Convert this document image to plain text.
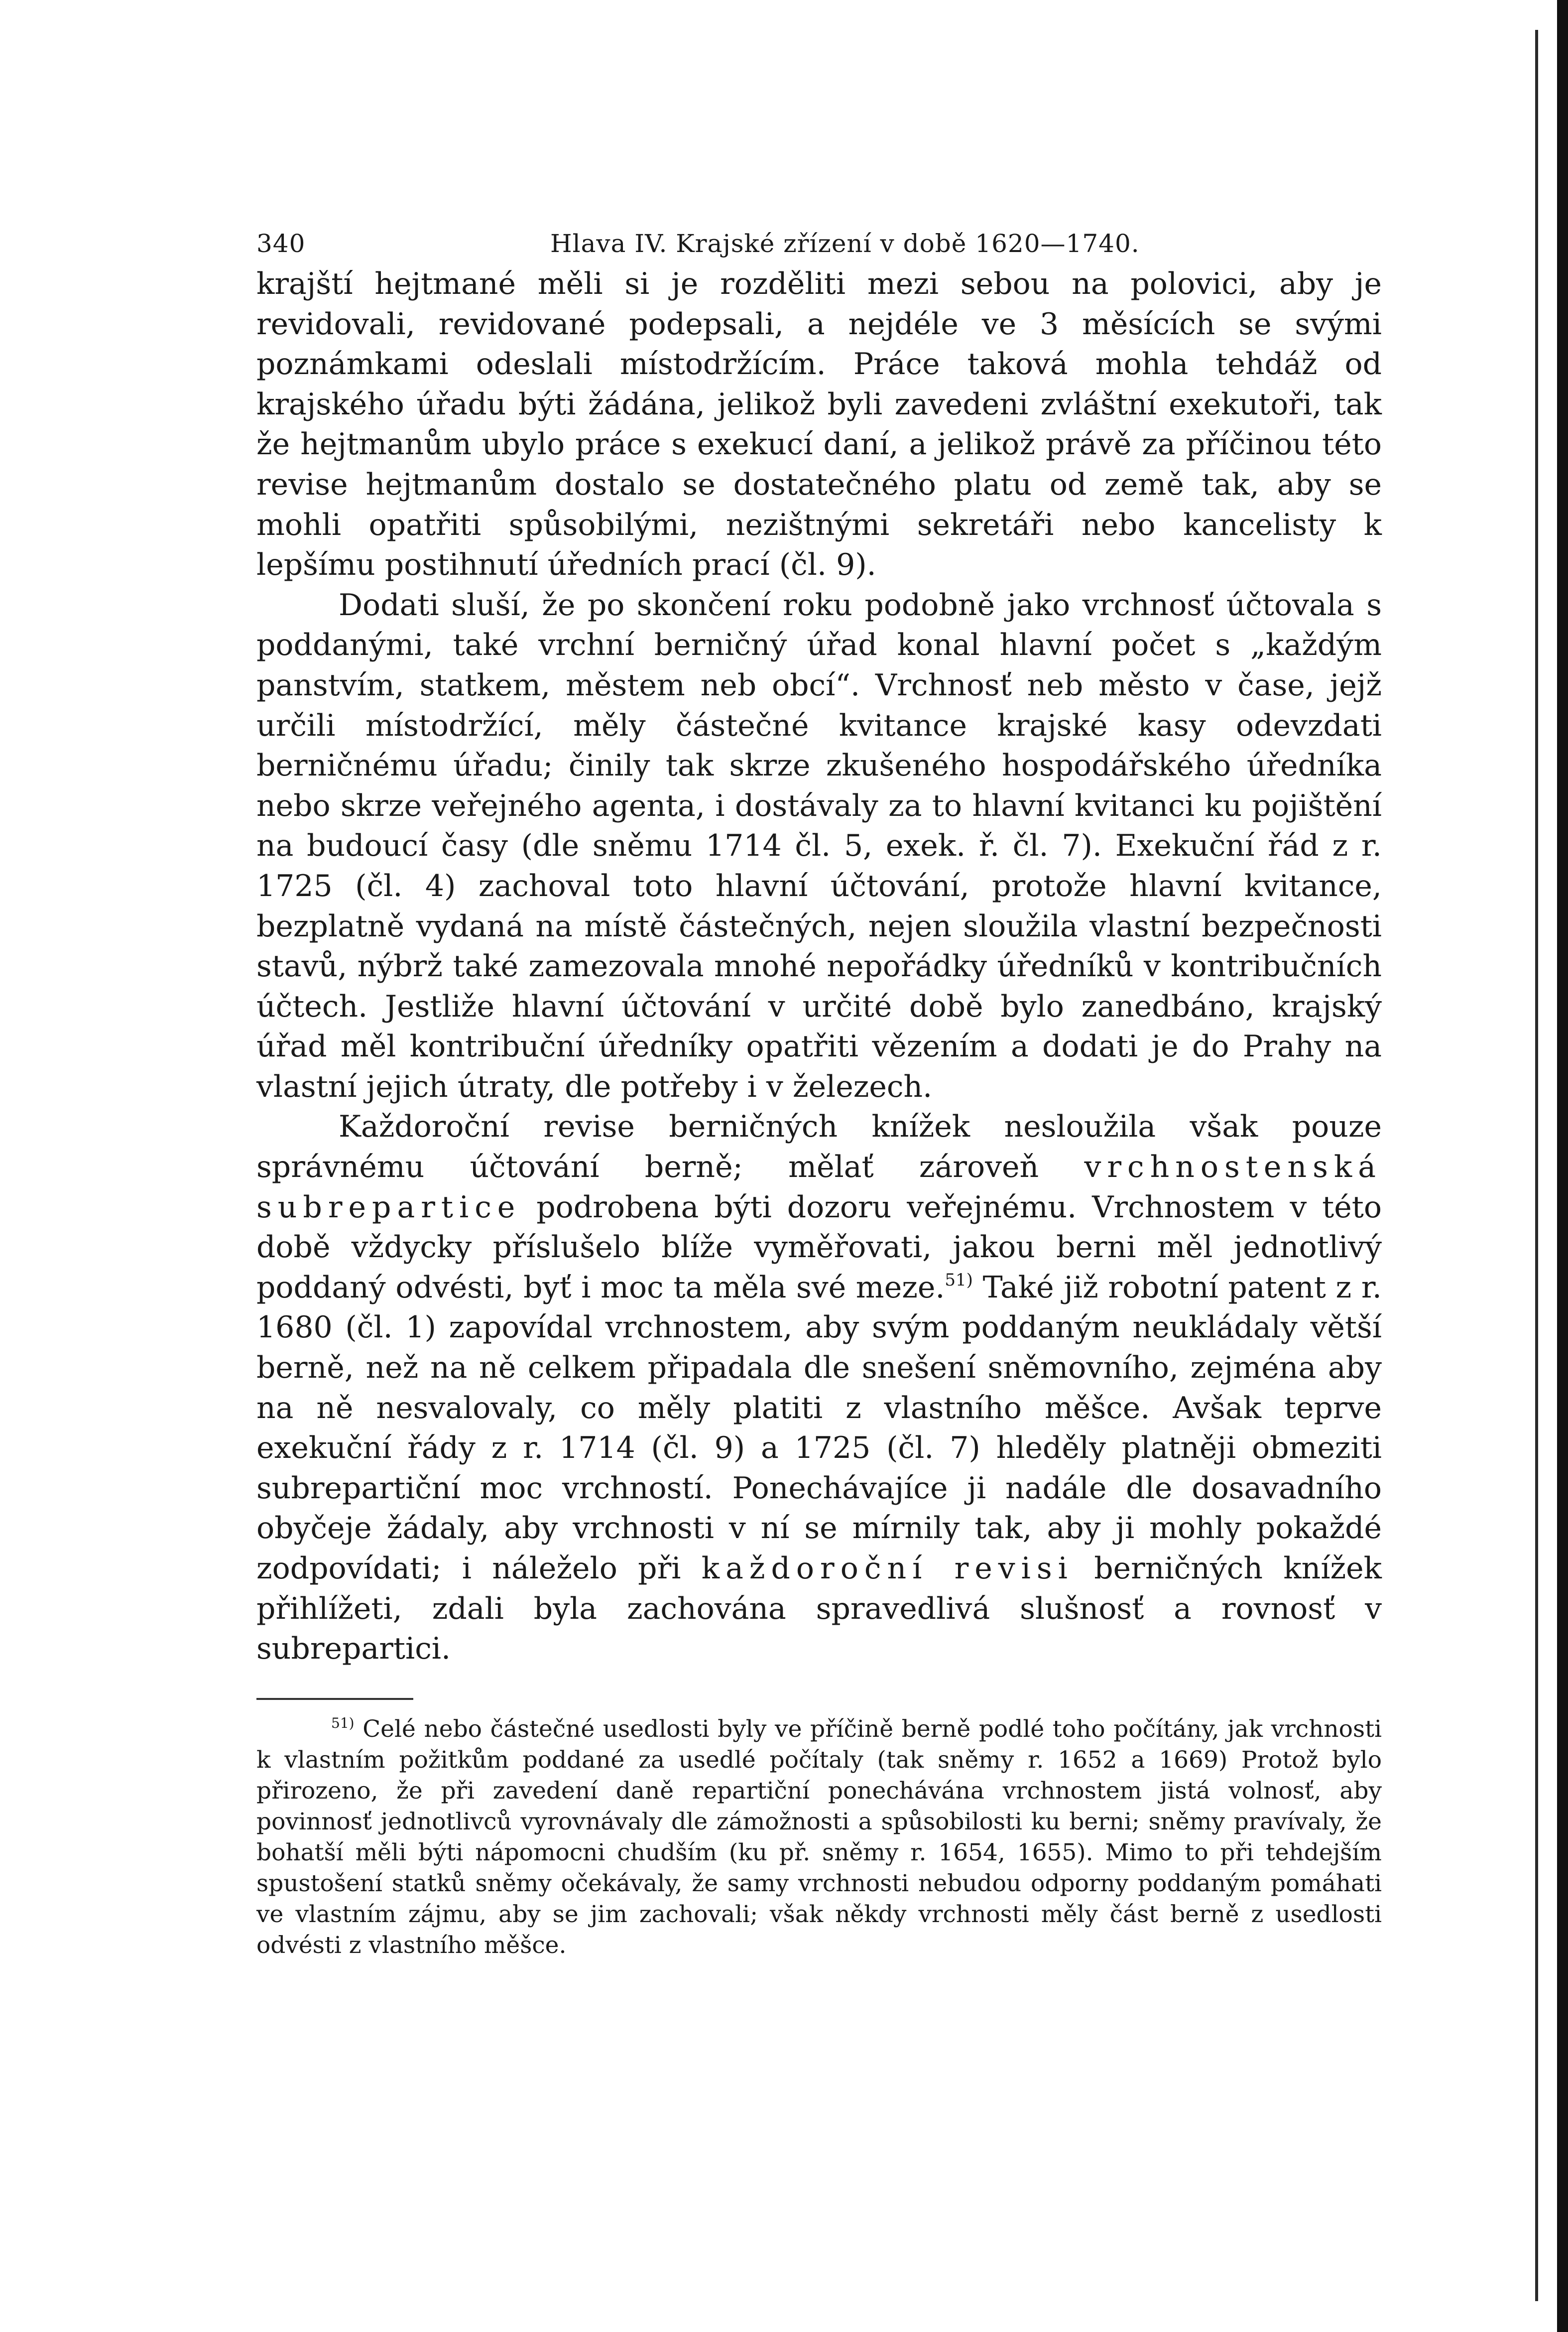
340	Hlava IV. Krajské zřízení v době 1620—1740.

krajští hejtmané měli si je rozděliti mezi sebou na polovici, aby je revidovali, revidované podepsali, a nejdéle ve 3 měsících se svými poznámkami odeslali místodržícím. Práce taková mohla tehdáž od krajského úřadu býti žádána, jelikož byli zavedeni zvláštní exekutoři, tak že hejtmanům ubylo práce s exekucí daní, a jelikož právě za příčinou této revise hejtmanům dostalo se dostatečného platu od země tak, aby se mohli opatřiti spůsobilými, nezištnými sekretáři nebo kancelisty k lepšímu postihnutí úředních prací (čl. 9).

Dodati sluší, že po skončení roku podobně jako vrchnosť účtovala s poddanými, také vrchní berničný úřad konal hlavní počet s „každým panstvím, statkem, městem neb obcí“. Vrchnosť neb město v čase, jejž určili místodržící, měly částečné kvitance krajské kasy odevzdati berničnému úřadu; činily tak skrze zkušeného hospodářského úředníka nebo skrze veřejného agenta, i dostávaly za to hlavní kvitanci ku pojištění na budoucí časy (dle sněmu 1714 čl. 5, exek. ř. čl. 7). Exekuční řád z r. 1725 (čl. 4) zachoval toto hlavní účtování, protože hlavní kvitance, bezplatně vydaná na místě částečných, nejen sloužila vlastní bezpečnosti stavů, nýbrž také zamezovala mnohé nepořádky úředníků v kontribučních účtech. Jestliže hlavní účtování v určité době bylo zanedbáno, krajský úřad měl kontribuční úředníky opatřiti vězením a dodati je do Prahy na vlastní jejich útraty, dle potřeby i v železech.

Každoroční revise berničných knížek nesloužila však pouze správnému účtování berně; mělať zároveň vrchnostenská subrepartice podrobena býti dozoru veřejnému. Vrchnostem v této době vždycky příslušelo blíže vyměřovati, jakou berni měl jednotlivý poddaný odvésti, byť i moc ta měla své meze.$^{51)}$ Také již robotní patent z r. 1680 (čl. 1) zapovídal vrchnostem, aby svým poddaným neukládaly větší berně, než na ně celkem připadala dle snešení sněmovního, zejména aby na ně nesvalovaly, co měly platiti z vlastního měšce. Avšak teprve exekuční řády z r. 1714 (čl. 9) a 1725 (čl. 7) hleděly platněji obmeziti subrepartiční moc vrchností. Ponechávajíce ji nadále dle dosavadního obyčeje žádaly, aby vrchnosti v ní se mírnily tak, aby ji mohly pokaždé zodpovídati; i náleželo při každoroční revisi berničných knížek přihlížeti, zdali byla zachována spravedlivá slušnosť a rovnosť v subrepartici.

$^{51)}$ Celé nebo částečné usedlosti byly ve příčině berně podlé toho počítány, jak vrchnosti k vlastním požitkům poddané za usedlé počítaly (tak sněmy r. 1652 a 1669) Protož bylo přirozeno, že při zavedení daně repartiční ponechávána vrchnostem jistá volnosť, aby povinnosť jednotlivců vyrovnávaly dle zámožnosti a spůsobilosti ku berni; sněmy pravívaly, že bohatší měli býti nápomocni chudším (ku př. sněmy r. 1654, 1655). Mimo to při tehdejším spustošení statků sněmy očekávaly, že samy vrchnosti nebudou odporny poddaným pomáhati ve vlastním zájmu, aby se jim zachovali; však někdy vrchnosti měly část berně z usedlosti odvésti z vlastního měšce.
